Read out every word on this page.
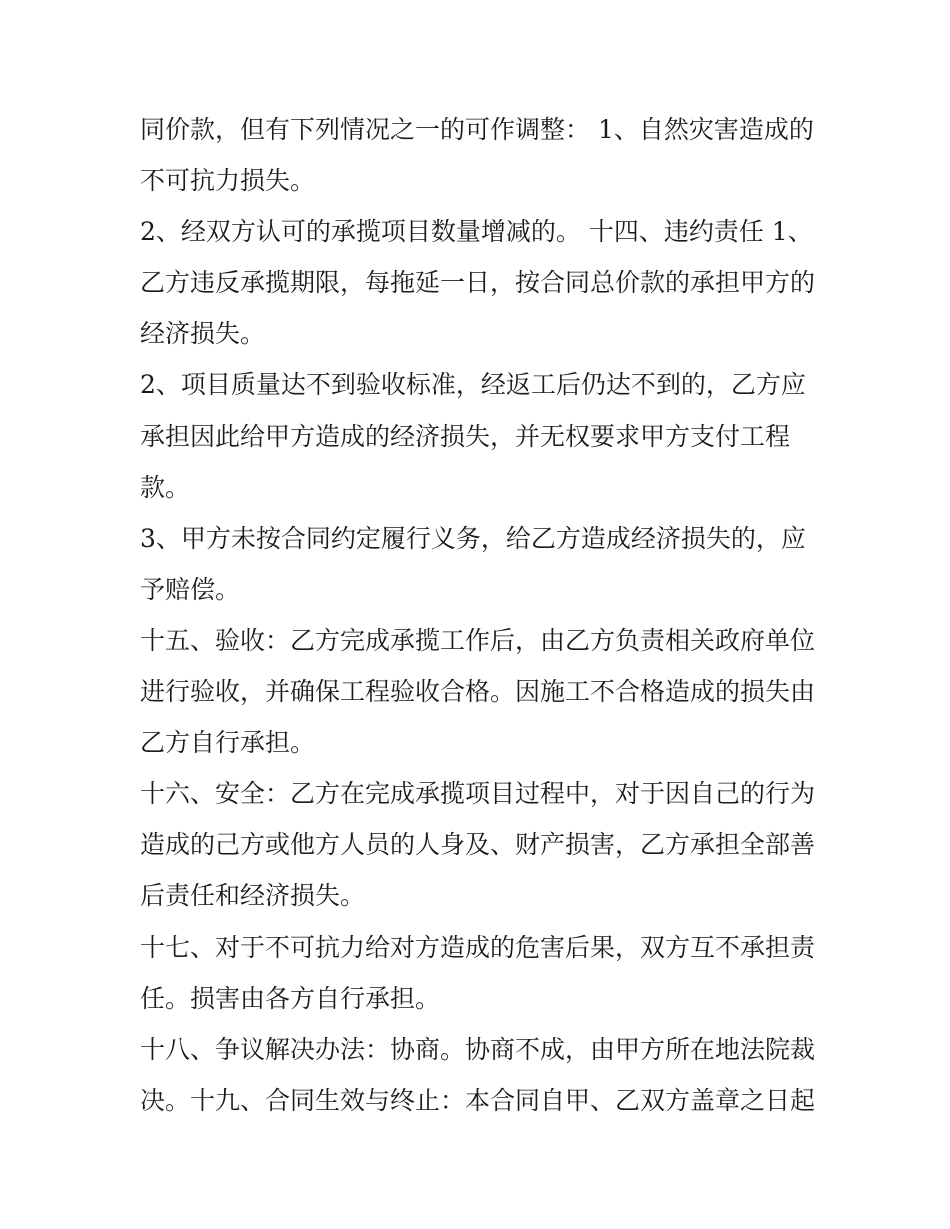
同价款，但有下列情况之一的可作调整： 1、自然灾害造成的
不可抗力损失。
2、经双方认可的承揽项目数量增减的。 十四、违约责任 1、
乙方违反承揽期限，每拖延一日，按合同总价款的承担甲方的
经济损失。
2、项目质量达不到验收标准，经返工后仍达不到的，乙方应
承担因此给甲方造成的经济损失，并无权要求甲方支付工程
款。
3、甲方未按合同约定履行义务，给乙方造成经济损失的，应
予赔偿。
十五、验收：乙方完成承揽工作后，由乙方负责相关政府单位
进行验收，并确保工程验收合格。因施工不合格造成的损失由
乙方自行承担。
十六、安全：乙方在完成承揽项目过程中，对于因自己的行为
造成的己方或他方人员的人身及、财产损害，乙方承担全部善
后责任和经济损失。
十七、对于不可抗力给对方造成的危害后果，双方互不承担责
任。损害由各方自行承担。
十八、争议解决办法：协商。协商不成，由甲方所在地法院裁
决。十九、合同生效与终止：本合同自甲、乙双方盖章之日起
